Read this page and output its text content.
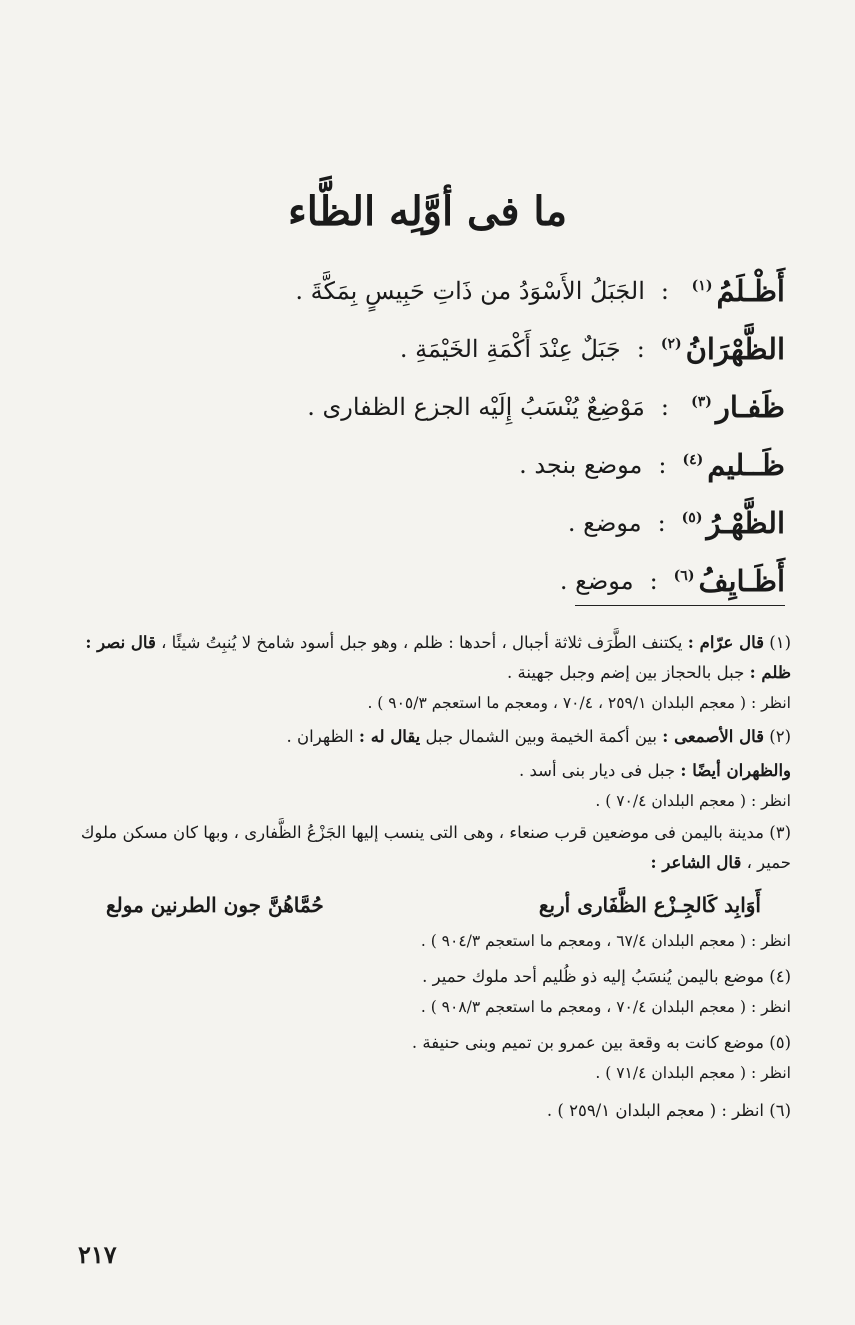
ما فى أوَّلِه الظَّاء
أَظْـلَمُ$^{(١)}$
:
الجَبَلُ الأَسْوَدُ من ذَاتِ حَبِيسٍ بِمَكَّةَ .
الظَّهْرَانُ$^{(٢)}$
:
جَبَلٌ عِنْدَ أَكْمَةِ الخَيْمَةِ .
ظَفـار$^{(٣)}$
:
مَوْضِعٌ يُنْسَبُ إِلَيْه الجزع الظفارى .
ظَــليم$^{(٤)}$
:
موضع بنجد .
الظَّهْـرُ$^{(٥)}$
:
موضع .
أَظَـايِفُ$^{(٦)}$
:
موضع .

(١) قال عرّام : يكتنف الطَّرَف ثلاثة أجبال ، أحدها : ظلم ، وهو جبل أسود شامخ لا يُنبِتُ شيئًا ، قال نصر : ظلم : جبل بالحجاز بين إضم وجبل جهينة .

انظر : ( معجم البلدان ٢٥٩/١ ، ٧٠/٤ ، ومعجم ما استعجم ٩٠٥/٣ ) .

(٢) قال الأصمعى : بين أكمة الخيمة وبين الشمال جبل يقال له : الظهران .

والظهران أيضًا : جبل فى ديار بنى أسد .

انظر : ( معجم البلدان ٧٠/٤ ) .

(٣) مدينة باليمن فى موضعين قرب صنعاء ، وهى التى ينسب إليها الجَزْعُ الظَّفارى ، وبها كان مسكن ملوك حمير ، قال الشاعر :

أَوَابِد كَالجِـزْع الظَّفَارى أربع
حُمَّاهُنَّ جون الطرنين مولع

انظر : ( معجم البلدان ٦٧/٤ ، ومعجم ما استعجم ٩٠٤/٣ ) .

(٤) موضع باليمن يُنسَبُ إليه ذو ظُليم أحد ملوك حمير .

انظر : ( معجم البلدان ٧٠/٤ ، ومعجم ما استعجم ٩٠٨/٣ ) .

(٥) موضع كانت به وقعة بين عمرو بن تميم وبنى حنيفة .

انظر : ( معجم البلدان ٧١/٤ ) .

(٦) انظر : ( معجم البلدان ٢٥٩/١ ) .

٢١٧
